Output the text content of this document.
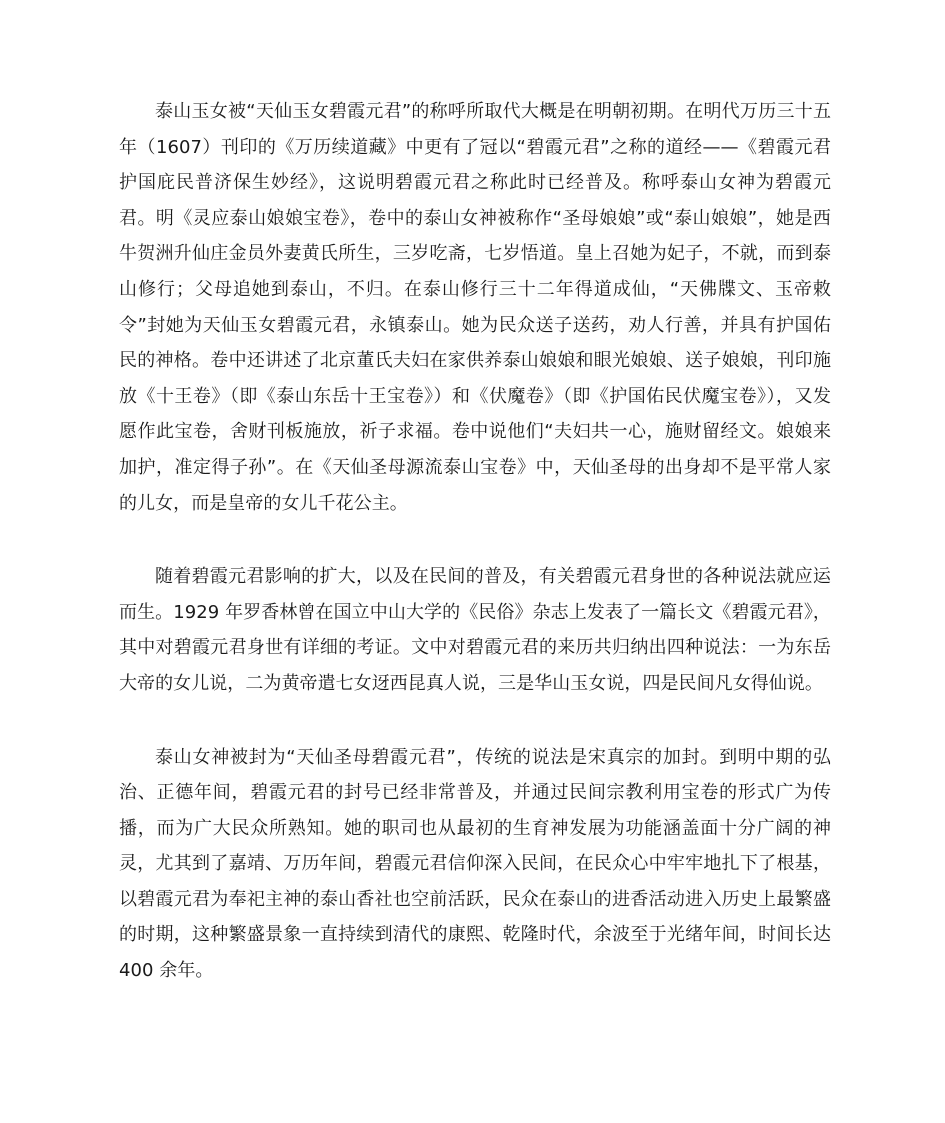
泰山玉女被“天仙玉女碧霞元君”的称呼所取代大概是在明朝初期。在明代万历三十五年（1607）刊印的《万历续道藏》中更有了冠以“碧霞元君”之称的道经——《碧霞元君护国庇民普济保生妙经》，这说明碧霞元君之称此时已经普及。称呼泰山女神为碧霞元君。明《灵应泰山娘娘宝卷》，卷中的泰山女神被称作“圣母娘娘”或“泰山娘娘”，她是西牛贺洲升仙庄金员外妻黄氏所生，三岁吃斋，七岁悟道。皇上召她为妃子，不就，而到泰山修行；父母追她到泰山，不归。在泰山修行三十二年得道成仙，“天佛牒文、玉帝敕令”封她为天仙玉女碧霞元君，永镇泰山。她为民众送子送药，劝人行善，并具有护国佑民的神格。卷中还讲述了北京董氏夫妇在家供养泰山娘娘和眼光娘娘、送子娘娘，刊印施放《十王卷》（即《泰山东岳十王宝卷》）和《伏魔卷》（即《护国佑民伏魔宝卷》），又发愿作此宝卷，舍财刊板施放，祈子求福。卷中说他们“夫妇共一心，施财留经文。娘娘来加护，准定得子孙”。在《天仙圣母源流泰山宝卷》中，天仙圣母的出身却不是平常人家的儿女，而是皇帝的女儿千花公主。

随着碧霞元君影响的扩大，以及在民间的普及，有关碧霞元君身世的各种说法就应运而生。1929 年罗香林曾在国立中山大学的《民俗》杂志上发表了一篇长文《碧霞元君》，其中对碧霞元君身世有详细的考证。文中对碧霞元君的来历共归纳出四种说法：一为东岳大帝的女儿说，二为黄帝遣七女迓西昆真人说，三是华山玉女说，四是民间凡女得仙说。

泰山女神被封为“天仙圣母碧霞元君”，传统的说法是宋真宗的加封。到明中期的弘治、正德年间，碧霞元君的封号已经非常普及，并通过民间宗教利用宝卷的形式广为传播，而为广大民众所熟知。她的职司也从最初的生育神发展为功能涵盖面十分广阔的神灵，尤其到了嘉靖、万历年间，碧霞元君信仰深入民间，在民众心中牢牢地扎下了根基，以碧霞元君为奉祀主神的泰山香社也空前活跃，民众在泰山的进香活动进入历史上最繁盛的时期，这种繁盛景象一直持续到清代的康熙、乾隆时代，余波至于光绪年间，时间长达 400 余年。
